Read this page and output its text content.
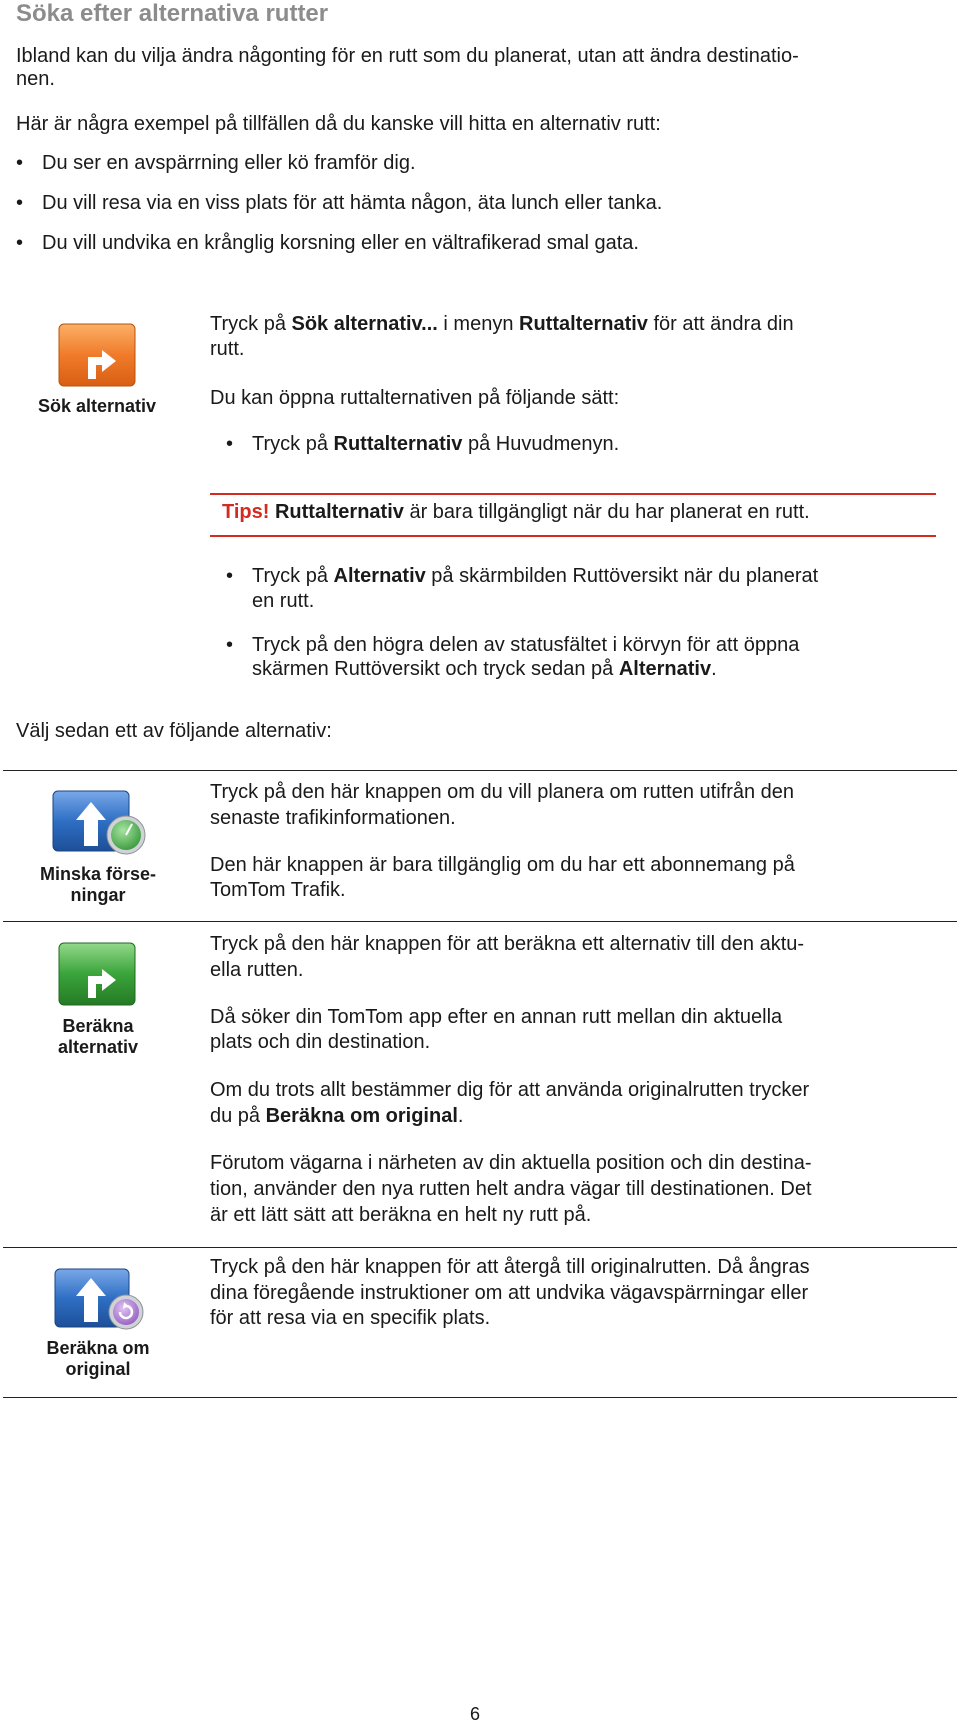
Söka efter alternativa rutter
Ibland kan du vilja ändra någonting för en rutt som du planerat, utan att ändra destinatio-
nen.
Här är några exempel på tillfällen då du kanske vill hitta en alternativ rutt:
• Du ser en avspärrning eller kö framför dig.
• Du vill resa via en viss plats för att hämta någon, äta lunch eller tanka.
• Du vill undvika en krånglig korsning eller en vältrafikerad smal gata.
Sök alternativ
Tryck på Sök alternativ... i menyn Ruttalternativ för att ändra din
rutt.
Du kan öppna ruttalternativen på följande sätt:
• Tryck på Ruttalternativ på Huvudmenyn.
Tips! Ruttalternativ är bara tillgängligt när du har planerat en rutt.
• Tryck på Alternativ på skärmbilden Ruttöversikt när du planerat
en rutt.
• Tryck på den högra delen av statusfältet i körvyn för att öppna
skärmen Ruttöversikt och tryck sedan på Alternativ.
Välj sedan ett av följande alternativ:
Minska förse-
ningar
Tryck på den här knappen om du vill planera om rutten utifrån den
senaste trafikinformationen.
Den här knappen är bara tillgänglig om du har ett abonnemang på
TomTom Trafik.
Beräkna
alternativ
Tryck på den här knappen för att beräkna ett alternativ till den aktu-
ella rutten.
Då söker din TomTom app efter en annan rutt mellan din aktuella
plats och din destination.
Om du trots allt bestämmer dig för att använda originalrutten trycker
du på Beräkna om original.
Förutom vägarna i närheten av din aktuella position och din destina-
tion, använder den nya rutten helt andra vägar till destinationen. Det
är ett lätt sätt att beräkna en helt ny rutt på.
Beräkna om
original
Tryck på den här knappen för att återgå till originalrutten. Då ångras
dina föregående instruktioner om att undvika vägavspärrningar eller
för att resa via en specifik plats.
6
